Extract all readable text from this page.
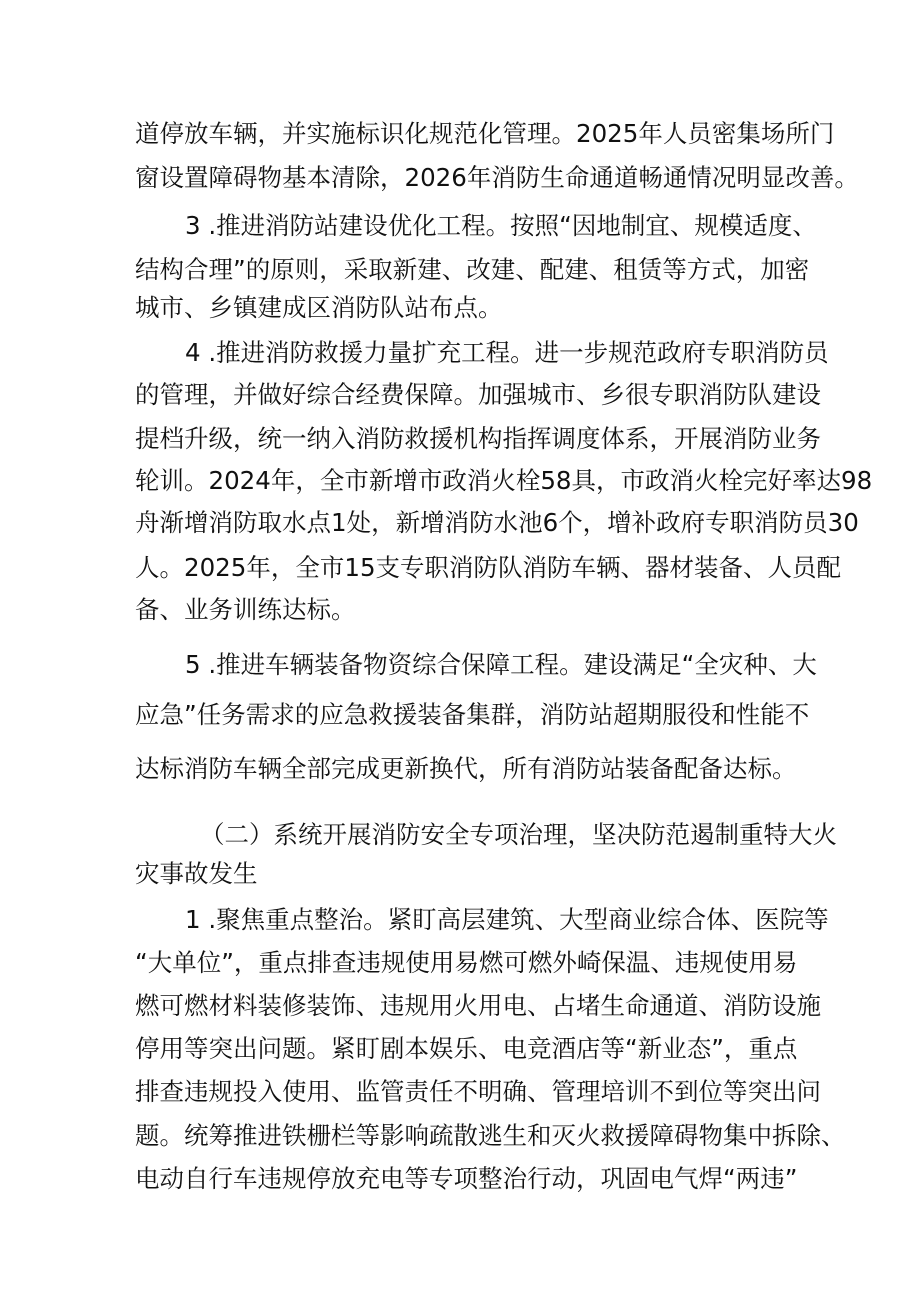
道停放车辆，并实施标识化规范化管理。2025年人员密集场所门
窗设置障碍物基本清除，2026年消防生命通道畅通情况明显改善。
3 .推进消防站建设优化工程。按照“因地制宜、规模适度、
结构合理”的原则，采取新建、改建、配建、租赁等方式，加密
城市、乡镇建成区消防队站布点。
4 .推进消防救援力量扩充工程。进一步规范政府专职消防员
的管理，并做好综合经费保障。加强城市、乡很专职消防队建设
提档升级，统一纳入消防救援机构指挥调度体系，开展消防业务
轮训。2024年，全市新增市政消火栓58具，市政消火栓完好率达98
舟渐增消防取水点1处，新增消防水池6个，增补政府专职消防员30
人。2025年，全市15支专职消防队消防车辆、器材装备、人员配
备、业务训练达标。
5 .推进车辆装备物资综合保障工程。建设满足“全灾种、大
应急”任务需求的应急救援装备集群，消防站超期服役和性能不
达标消防车辆全部完成更新换代，所有消防站装备配备达标。
（二）系统开展消防安全专项治理，坚决防范遏制重特大火
灾事故发生
1 .聚焦重点整治。紧盯高层建筑、大型商业综合体、医院等
“大单位”，重点排查违规使用易燃可燃外崎保温、违规使用易
燃可燃材料装修装饰、违规用火用电、占堵生命通道、消防设施
停用等突出问题。紧盯剧本娱乐、电竞酒店等“新业态”，重点
排查违规投入使用、监管责任不明确、管理培训不到位等突出问
题。统筹推进铁栅栏等影响疏散逃生和灭火救援障碍物集中拆除、
电动自行车违规停放充电等专项整治行动，巩固电气焊“两违”
